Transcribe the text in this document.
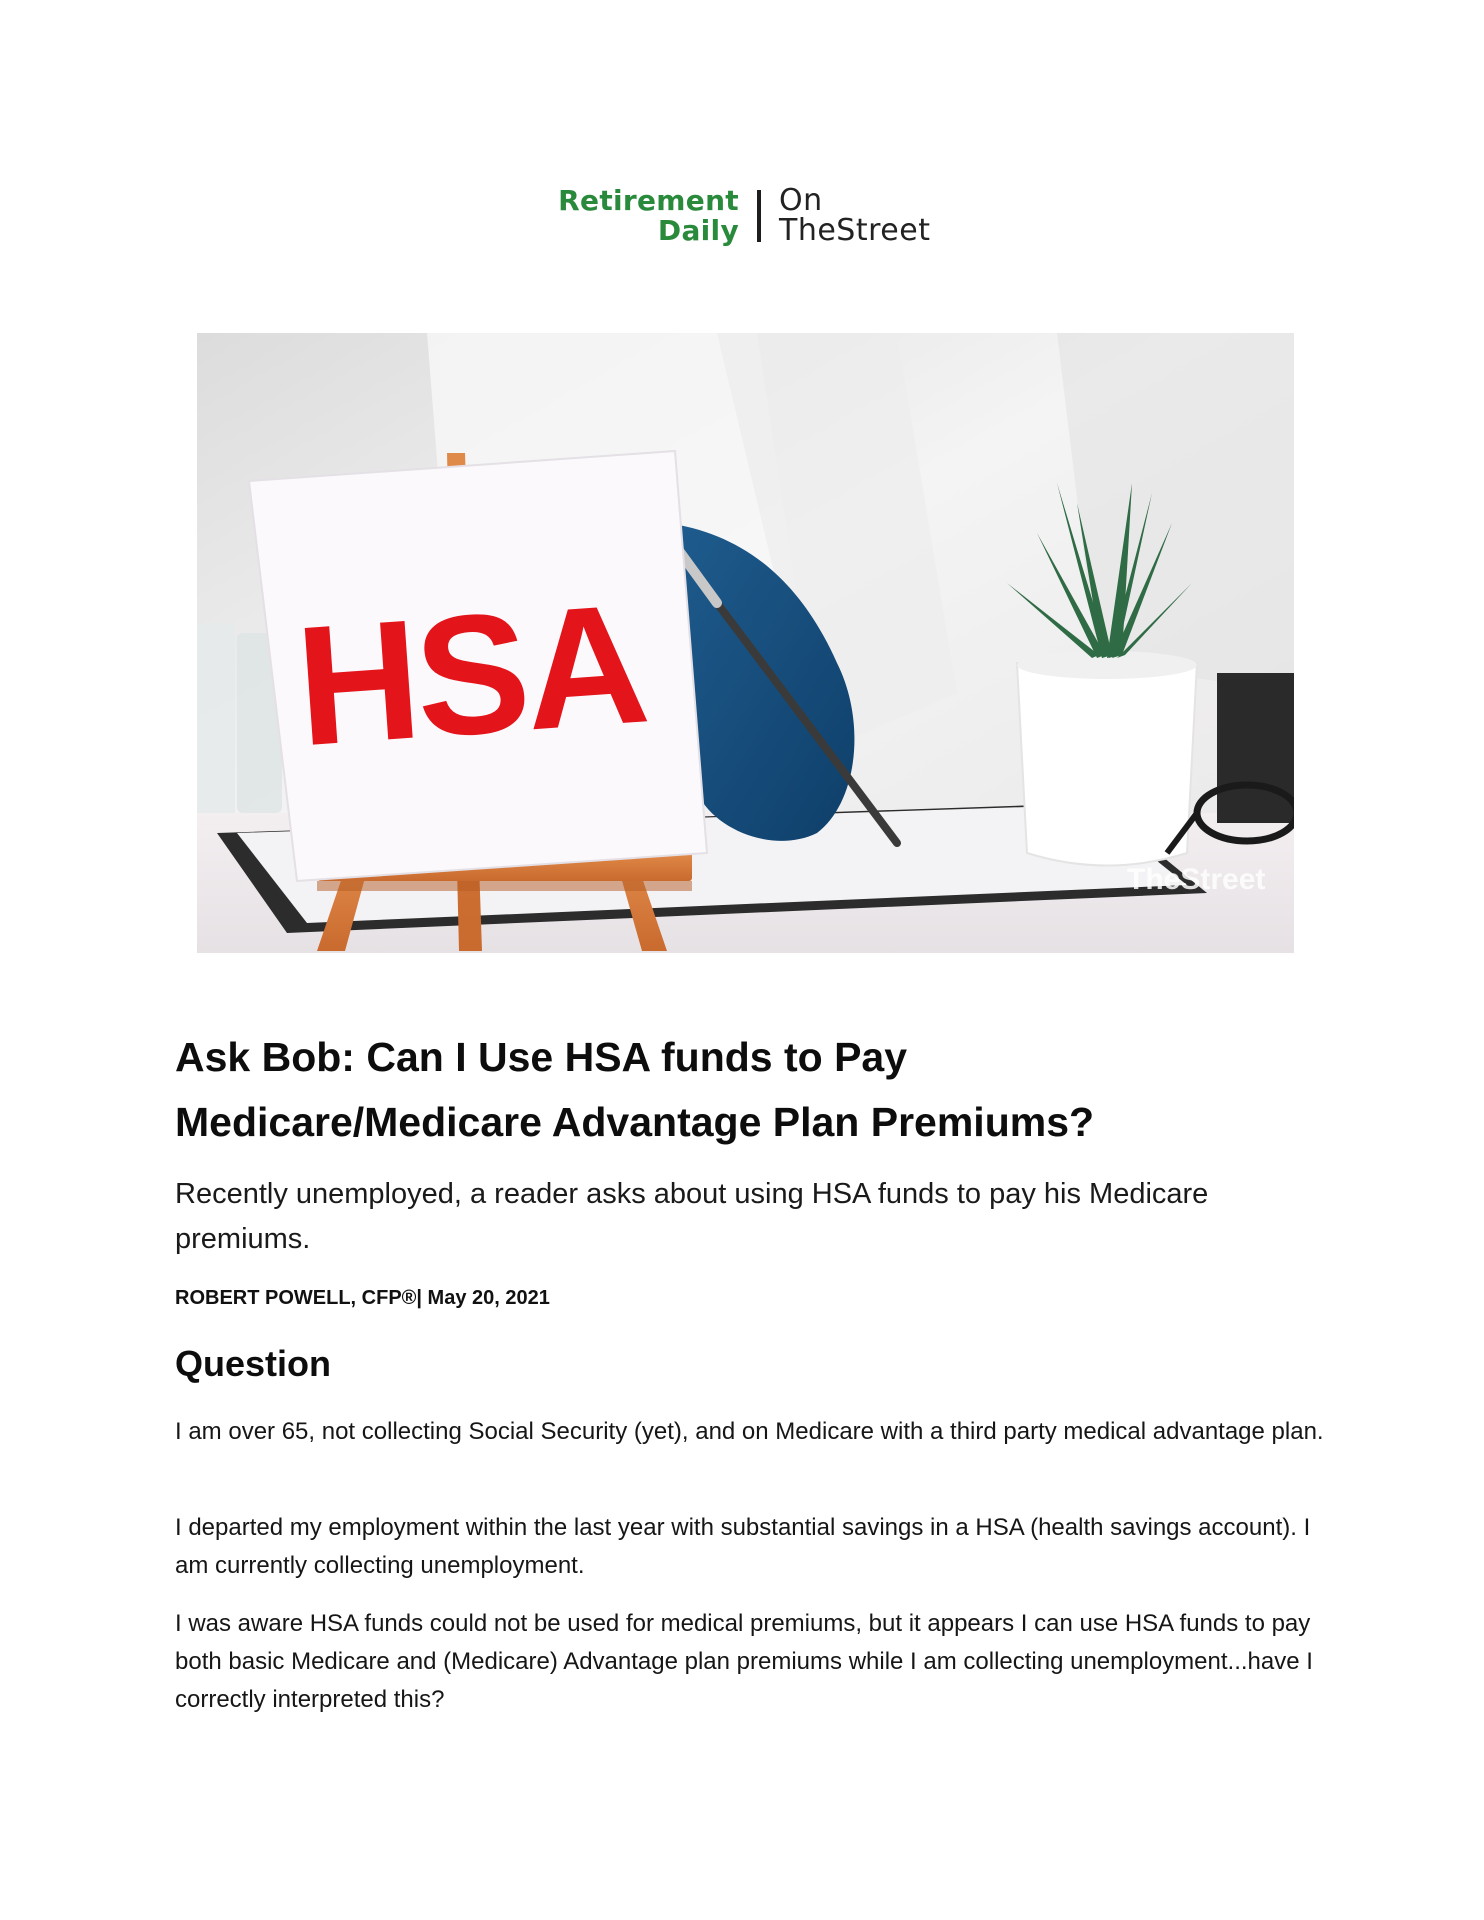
Retirement
Daily
On
TheStreet
HSA
TheStreet
Ask Bob: Can I Use HSA funds to Pay
Medicare/Medicare Advantage Plan Premiums?

Recently unemployed, a reader asks about using HSA funds to pay his Medicare premiums.

ROBERT POWELL, CFP®| May 20, 2021

Question

I am over 65, not collecting Social Security (yet), and on Medicare with a third party medical advantage plan.

I departed my employment within the last year with substantial savings in a HSA (health savings account). I am currently collecting unemployment.

I was aware HSA funds could not be used for medical premiums, but it appears I can use HSA funds to pay both basic Medicare and (Medicare) Advantage plan premiums while I am collecting unemployment...have I correctly interpreted this?
